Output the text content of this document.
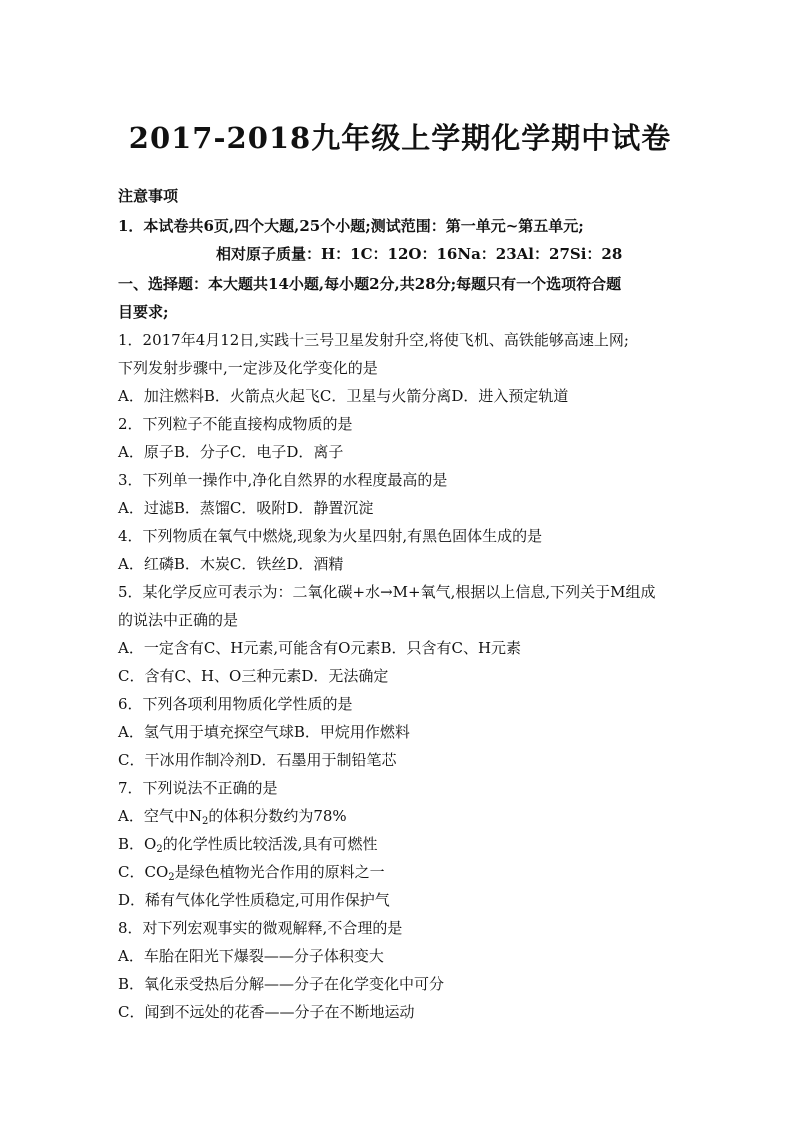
2017-2018九年级上学期化学期中试卷
注意事项
1．本试卷共6页,四个大题,25个小题;测试范围：第一单元~第五单元;
相对原子质量：H：1C：12O：16Na：23Al：27Si：28
一、选择题：本大题共14小题,每小题2分,共28分;每题只有一个选项符合题
目要求;
1．2017年4月12日,实践十三号卫星发射升空,将使飞机、高铁能够高速上网;
下列发射步骤中,一定涉及化学变化的是
A．加注燃料B．火箭点火起飞C．卫星与火箭分离D．进入预定轨道
2．下列粒子不能直接构成物质的是
A．原子B．分子C．电子D．离子
3．下列单一操作中,净化自然界的水程度最高的是
A．过滤B．蒸馏C．吸附D．静置沉淀
4．下列物质在氧气中燃烧,现象为火星四射,有黑色固体生成的是
A．红磷B．木炭C．铁丝D．酒精
5．某化学反应可表示为：二氧化碳+水→M+氧气,根据以上信息,下列关于M组成
的说法中正确的是
A．一定含有C、H元素,可能含有O元素B．只含有C、H元素
C．含有C、H、O三种元素D．无法确定
6．下列各项利用物质化学性质的是
A．氢气用于填充探空气球B．甲烷用作燃料
C．干冰用作制冷剂D．石墨用于制铅笔芯
7．下列说法不正确的是
A．空气中$N_2$的体积分数约为78%
B．$O_2$的化学性质比较活泼,具有可燃性
C．$CO_2$是绿色植物光合作用的原料之一
D．稀有气体化学性质稳定,可用作保护气
8．对下列宏观事实的微观解释,不合理的是
A．车胎在阳光下爆裂——分子体积变大
B．氧化汞受热后分解——分子在化学变化中可分
C．闻到不远处的花香——分子在不断地运动
